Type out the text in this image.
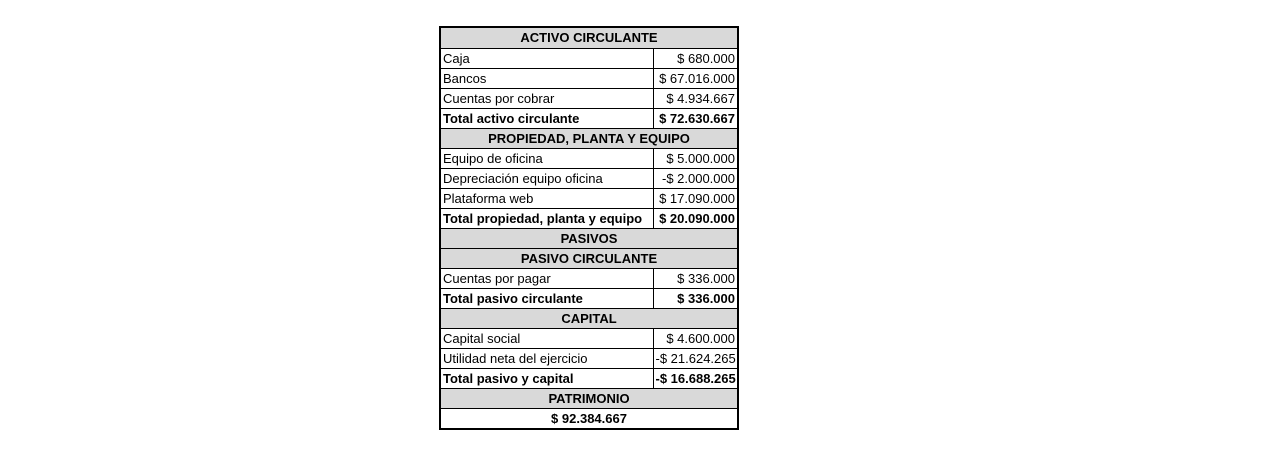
ACTIVO CIRCULANTE	
Caja	$ 680.000
Bancos	$ 67.016.000
Cuentas por cobrar	$ 4.934.667
Total activo circulante	$ 72.630.667
PROPIEDAD, PLANTA Y EQUIPO	
Equipo de oficina	$ 5.000.000
Depreciación equipo oficina	-$ 2.000.000
Plataforma web	$ 17.090.000
Total propiedad, planta y equipo	$ 20.090.000
PASIVOS	
PASIVO CIRCULANTE	
Cuentas por pagar	$ 336.000
Total pasivo circulante	$ 336.000
CAPITAL	
Capital social	$ 4.600.000
Utilidad neta del ejercicio	-$ 21.624.265
Total pasivo y capital	-$ 16.688.265
PATRIMONIO	
$ 92.384.667	
